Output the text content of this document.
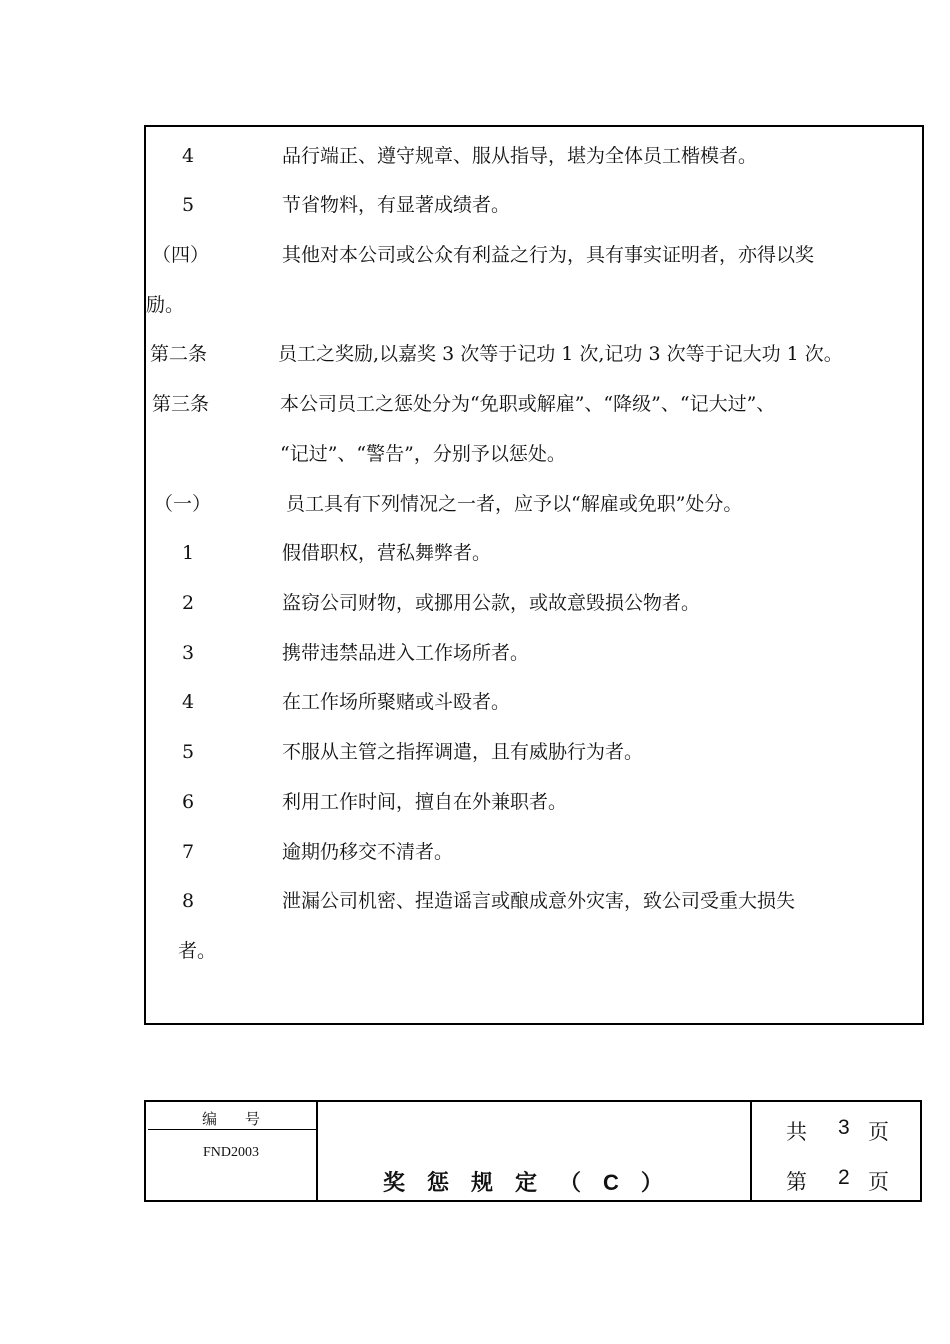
4	品行端正、遵守规章、服从指导，堪为全体员工楷模者。
5	节省物料，有显著成绩者。
（四）	其他对本公司或公众有利益之行为，具有事实证明者，亦得以奖
励。
第二条	员工之奖励,以嘉奖 3 次等于记功 1 次,记功 3 次等于记大功 1 次。
第三条	本公司员工之惩处分为“免职或解雇”、“降级”、“记大过”、
“记过”、“警告”，分别予以惩处。
（一）	员工具有下列情况之一者，应予以“解雇或免职”处分。
1	假借职权，营私舞弊者。
2	盗窃公司财物，或挪用公款，或故意毁损公物者。
3	携带违禁品进入工作场所者。
4	在工作场所聚赌或斗殴者。
5	不服从主管之指挥调遣，且有威胁行为者。
6	利用工作时间，擅自在外兼职者。
7	逾期仍移交不清者。
8	泄漏公司机密、捏造谣言或酿成意外灾害，致公司受重大损失
者。
编号
FND2003
奖惩规定（C）
共 3 页
第 2 页
